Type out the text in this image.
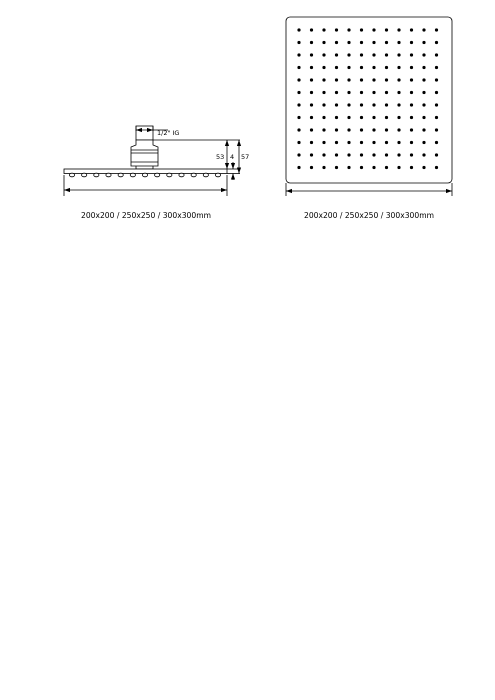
1/2" IG
53 4 57
200x200 / 250x250 / 300x300mm	200x200 / 250x250 / 300x300mm
